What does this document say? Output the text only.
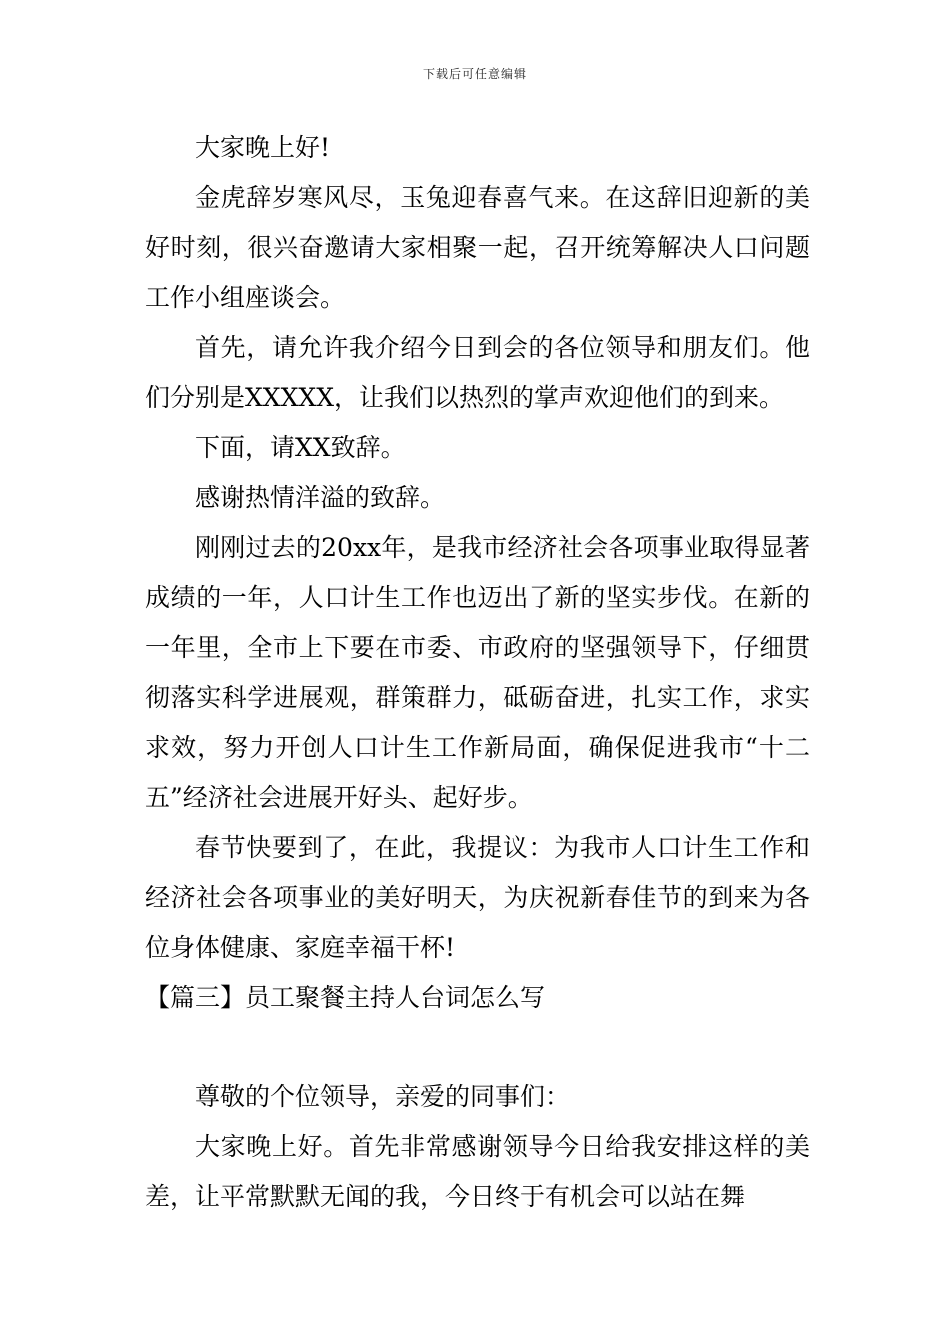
下载后可任意编辑

大家晚上好!

金虎辞岁寒风尽，玉兔迎春喜气来。在这辞旧迎新的美好时刻，很兴奋邀请大家相聚一起，召开统筹解决人口问题工作小组座谈会。

首先，请允许我介绍今日到会的各位领导和朋友们。他们分别是XXXXX，让我们以热烈的掌声欢迎他们的到来。

下面，请XX致辞。

感谢热情洋溢的致辞。

刚刚过去的20xx年，是我市经济社会各项事业取得显著成绩的一年，人口计生工作也迈出了新的坚实步伐。在新的一年里，全市上下要在市委、市政府的坚强领导下，仔细贯彻落实科学进展观，群策群力，砥砺奋进，扎实工作，求实求效，努力开创人口计生工作新局面，确保促进我市“十二五”经济社会进展开好头、起好步。

春节快要到了，在此，我提议：为我市人口计生工作和经济社会各项事业的美好明天，为庆祝新春佳节的到来为各位身体健康、家庭幸福干杯!

【篇三】员工聚餐主持人台词怎么写

尊敬的个位领导，亲爱的同事们：

大家晚上好。首先非常感谢领导今日给我安排这样的美差，让平常默默无闻的我，今日终于有机会可以站在舞
